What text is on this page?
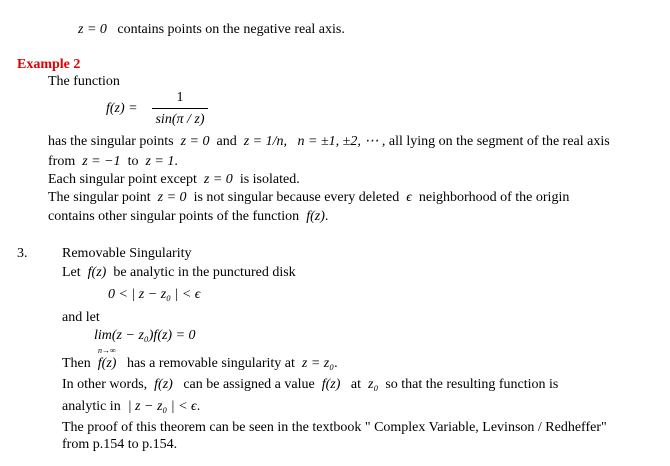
z = 0 contains points on the negative real axis.
Example 2
The function
f(z) =
1
sin(π / z)
has the singular points z = 0 and z = 1/n, n = ±1, ±2, ⋯ , all lying on the segment of the real axis
from z = −1 to z = 1.
Each singular point except z = 0 is isolated.
The singular point z = 0 is not singular because every deleted ϵ neighborhood of the origin
contains other singular points of the function f(z).
3. Removable Singularity
Let f(z) be analytic in the punctured disk
0 < | z − z₀ | < ϵ
and let
lim(z − z₀)f(z) = 0
n→∞
Then f(z) has a removable singularity at z = z₀.
In other words, f(z) can be assigned a value f(z) at z₀ so that the resulting function is
analytic in | z − z₀ | < ϵ.
The proof of this theorem can be seen in the textbook " Complex Variable, Levinson / Redheffer"
from p.154 to p.154.
